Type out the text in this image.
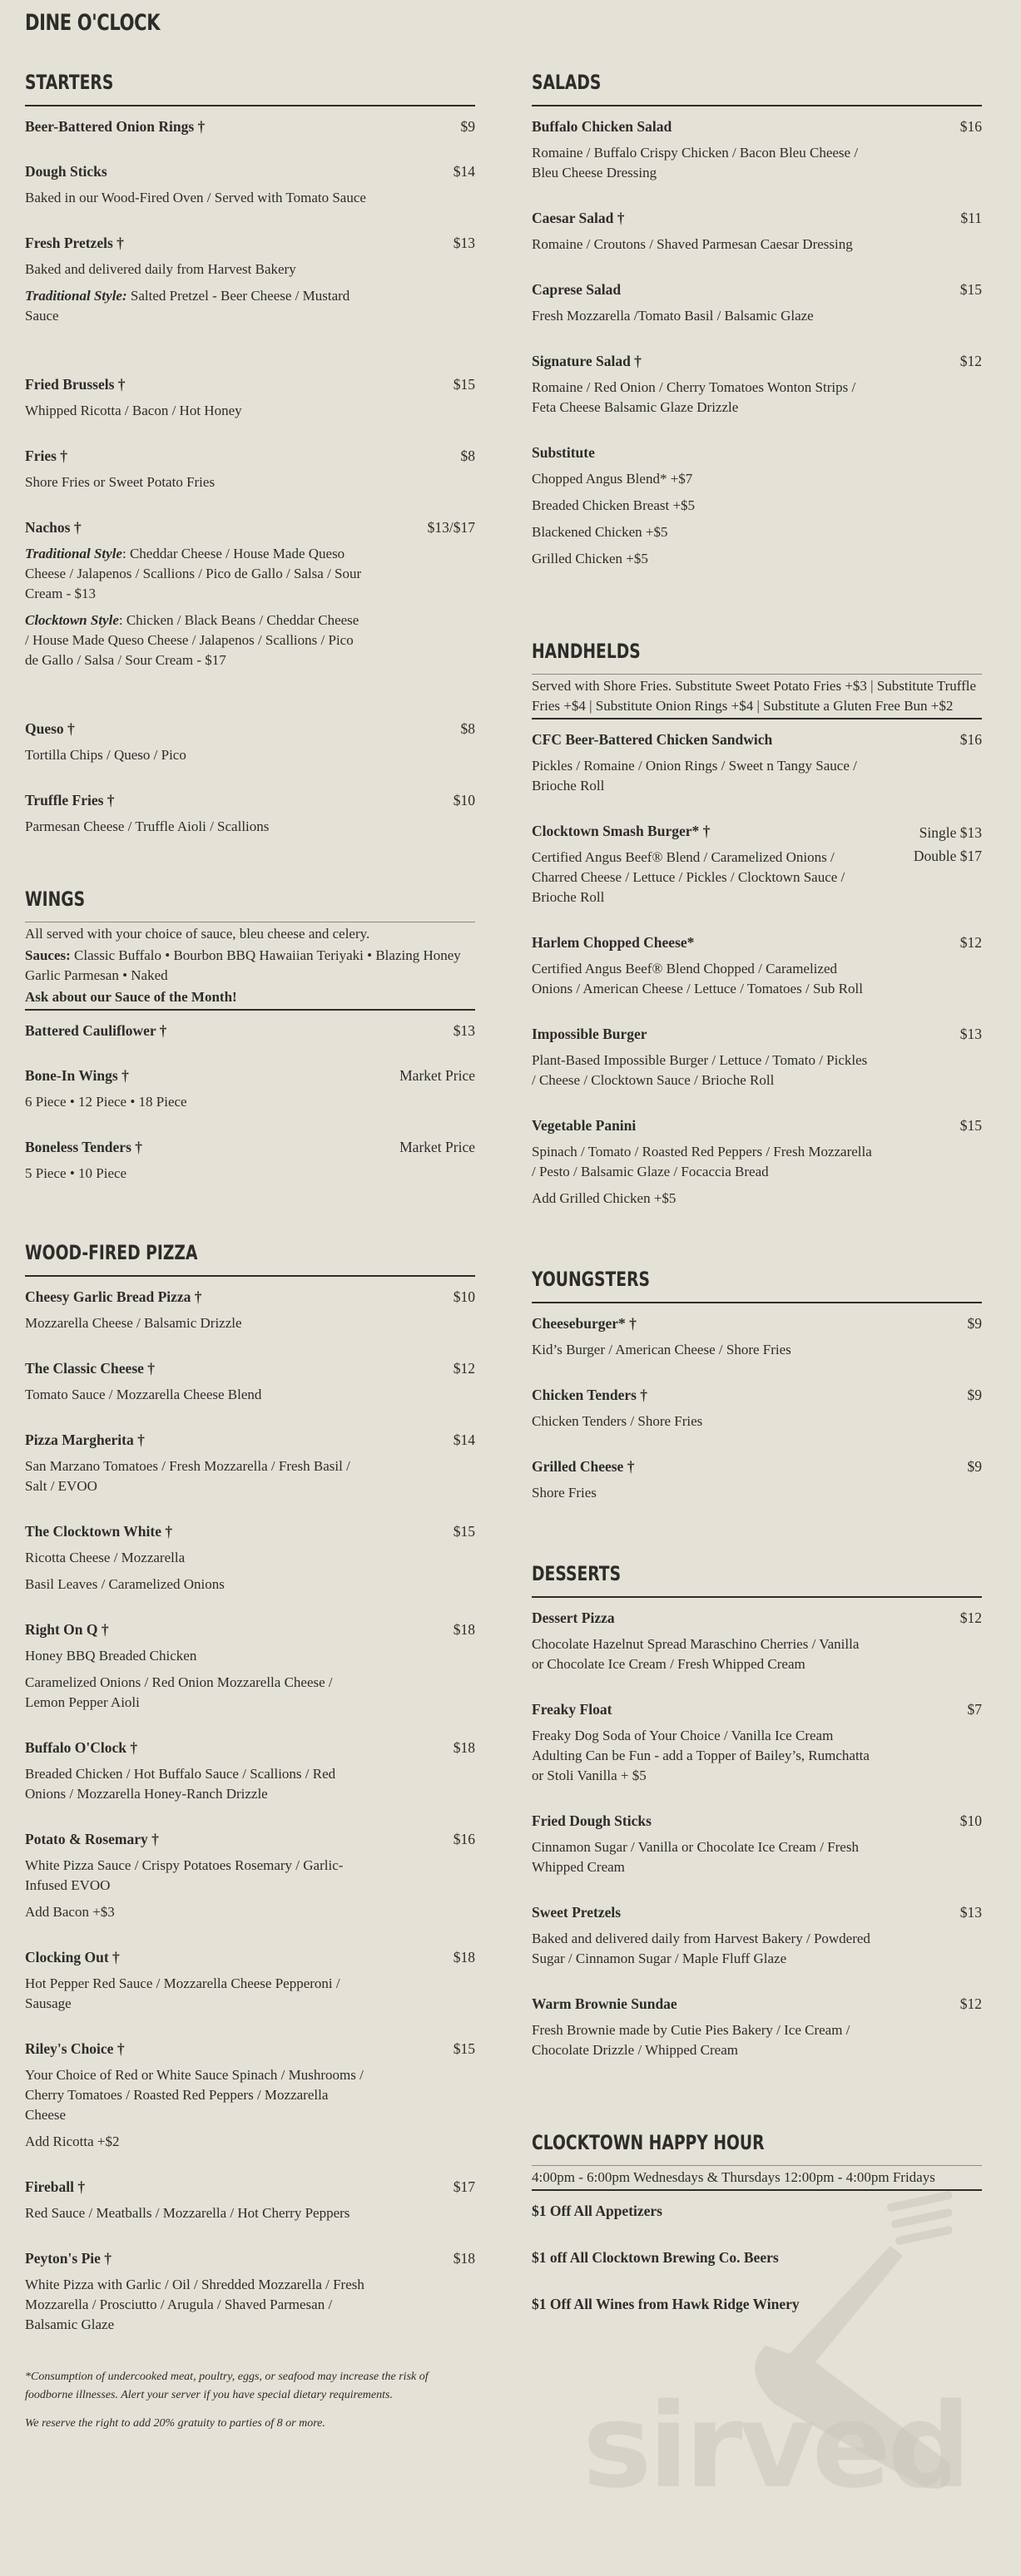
DINE O'CLOCK
STARTERS
Beer-Battered Onion Rings †	$9
Dough Sticks	$14
Baked in our Wood-Fired Oven / Served with Tomato Sauce
Fresh Pretzels †	$13
Baked and delivered daily from Harvest Bakery
Traditional Style: Salted Pretzel - Beer Cheese / Mustard Sauce
Fried Brussels †	$15
Whipped Ricotta / Bacon / Hot Honey
Fries †	$8
Shore Fries or Sweet Potato Fries
Nachos †	$13/$17
Traditional Style: Cheddar Cheese / House Made Queso Cheese / Jalapenos / Scallions / Pico de Gallo / Salsa / Sour Cream - $13
Clocktown Style: Chicken / Black Beans / Cheddar Cheese / House Made Queso Cheese / Jalapenos / Scallions / Pico de Gallo / Salsa / Sour Cream - $17
Queso †	$8
Tortilla Chips / Queso / Pico
Truffle Fries †	$10
Parmesan Cheese / Truffle Aioli / Scallions
WINGS
All served with your choice of sauce, bleu cheese and celery.
Sauces: Classic Buffalo • Bourbon BBQ Hawaiian Teriyaki • Blazing Honey Garlic Parmesan • Naked
Ask about our Sauce of the Month!
Battered Cauliflower †	$13
Bone-In Wings †	Market Price
6 Piece • 12 Piece • 18 Piece
Boneless Tenders †	Market Price
5 Piece • 10 Piece
WOOD-FIRED PIZZA
Cheesy Garlic Bread Pizza †	$10
Mozzarella Cheese / Balsamic Drizzle
The Classic Cheese †	$12
Tomato Sauce / Mozzarella Cheese Blend
Pizza Margherita †	$14
San Marzano Tomatoes / Fresh Mozzarella / Fresh Basil / Salt / EVOO
The Clocktown White †	$15
Ricotta Cheese / Mozzarella
Basil Leaves / Caramelized Onions
Right On Q †	$18
Honey BBQ Breaded Chicken
Caramelized Onions / Red Onion Mozzarella Cheese / Lemon Pepper Aioli
Buffalo O'Clock †	$18
Breaded Chicken / Hot Buffalo Sauce / Scallions / Red Onions / Mozzarella Honey-Ranch Drizzle
Potato & Rosemary †	$16
White Pizza Sauce / Crispy Potatoes Rosemary / Garlic-Infused EVOO
Add Bacon +$3
Clocking Out †	$18
Hot Pepper Red Sauce / Mozzarella Cheese Pepperoni / Sausage
Riley's Choice †	$15
Your Choice of Red or White Sauce Spinach / Mushrooms / Cherry Tomatoes / Roasted Red Peppers / Mozzarella Cheese
Add Ricotta +$2
Fireball †	$17
Red Sauce / Meatballs / Mozzarella / Hot Cherry Peppers
Peyton's Pie †	$18
White Pizza with Garlic / Oil / Shredded Mozzarella / Fresh Mozzarella / Prosciutto / Arugula / Shaved Parmesan / Balsamic Glaze
*Consumption of undercooked meat, poultry, eggs, or seafood may increase the risk of foodborne illnesses. Alert your server if you have special dietary requirements.
We reserve the right to add 20% gratuity to parties of 8 or more.
SALADS
Buffalo Chicken Salad	$16
Romaine / Buffalo Crispy Chicken / Bacon Bleu Cheese / Bleu Cheese Dressing
Caesar Salad †	$11
Romaine / Croutons / Shaved Parmesan Caesar Dressing
Caprese Salad	$15
Fresh Mozzarella /Tomato Basil / Balsamic Glaze
Signature Salad †	$12
Romaine / Red Onion / Cherry Tomatoes Wonton Strips / Feta Cheese Balsamic Glaze Drizzle
Substitute
Chopped Angus Blend* +$7
Breaded Chicken Breast +$5
Blackened Chicken +$5
Grilled Chicken +$5
HANDHELDS
Served with Shore Fries. Substitute Sweet Potato Fries +$3 | Substitute Truffle Fries +$4 | Substitute Onion Rings +$4 | Substitute a Gluten Free Bun +$2
CFC Beer-Battered Chicken Sandwich	$16
Pickles / Romaine / Onion Rings / Sweet n Tangy Sauce / Brioche Roll
Clocktown Smash Burger* †
Certified Angus Beef® Blend / Caramelized Onions / Charred Cheese / Lettuce / Pickles / Clocktown Sauce / Brioche Roll
Single $13
Double $17
Harlem Chopped Cheese*	$12
Certified Angus Beef® Blend Chopped / Caramelized Onions / American Cheese / Lettuce / Tomatoes / Sub Roll
Impossible Burger	$13
Plant-Based Impossible Burger / Lettuce / Tomato / Pickles / Cheese / Clocktown Sauce / Brioche Roll
Vegetable Panini	$15
Spinach / Tomato / Roasted Red Peppers / Fresh Mozzarella / Pesto / Balsamic Glaze / Focaccia Bread
Add Grilled Chicken +$5
YOUNGSTERS
Cheeseburger* †	$9
Kid’s Burger / American Cheese / Shore Fries
Chicken Tenders †	$9
Chicken Tenders / Shore Fries
Grilled Cheese †	$9
Shore Fries
DESSERTS
Dessert Pizza	$12
Chocolate Hazelnut Spread Maraschino Cherries / Vanilla or Chocolate Ice Cream / Fresh Whipped Cream
Freaky Float	$7
Freaky Dog Soda of Your Choice / Vanilla Ice Cream Adulting Can be Fun - add a Topper of Bailey’s, Rumchatta or Stoli Vanilla + $5
Fried Dough Sticks	$10
Cinnamon Sugar / Vanilla or Chocolate Ice Cream / Fresh Whipped Cream
Sweet Pretzels	$13
Baked and delivered daily from Harvest Bakery / Powdered Sugar / Cinnamon Sugar / Maple Fluff Glaze
Warm Brownie Sundae	$12
Fresh Brownie made by Cutie Pies Bakery / Ice Cream / Chocolate Drizzle / Whipped Cream
CLOCKTOWN HAPPY HOUR
4:00pm - 6:00pm Wednesdays & Thursdays 12:00pm - 4:00pm Fridays
$1 Off All Appetizers
$1 off All Clocktown Brewing Co. Beers
$1 Off All Wines from Hawk Ridge Winery
sirved
